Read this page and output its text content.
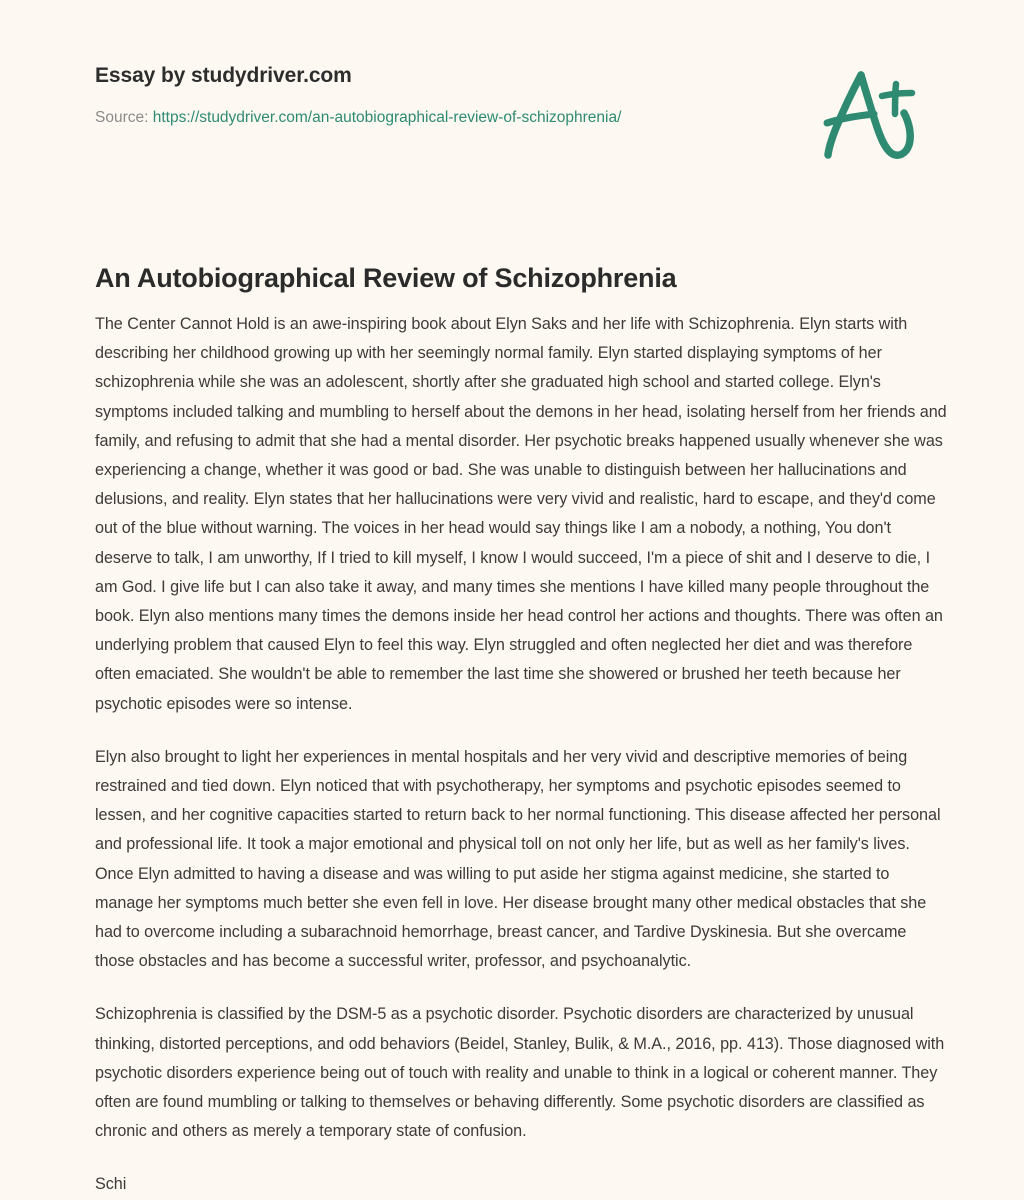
Essay by studydriver.com
Source: https://studydriver.com/an-autobiographical-review-of-schizophrenia/
An Autobiographical Review of Schizophrenia

The Center Cannot Hold is an awe-inspiring book about Elyn Saks and her life with Schizophrenia. Elyn starts with describing her childhood growing up with her seemingly normal family. Elyn started displaying symptoms of her schizophrenia while she was an adolescent, shortly after she graduated high school and started college. Elyn's symptoms included talking and mumbling to herself about the demons in her head, isolating herself from her friends and family, and refusing to admit that she had a mental disorder. Her psychotic breaks happened usually whenever she was experiencing a change, whether it was good or bad. She was unable to distinguish between her hallucinations and delusions, and reality. Elyn states that her hallucinations were very vivid and realistic, hard to escape, and they'd come out of the blue without warning. The voices in her head would say things like I am a nobody, a nothing, You don't deserve to talk, I am unworthy, If I tried to kill myself, I know I would succeed, I'm a piece of shit and I deserve to die, I am God. I give life but I can also take it away, and many times she mentions I have killed many people throughout the book. Elyn also mentions many times the demons inside her head control her actions and thoughts. There was often an underlying problem that caused Elyn to feel this way. Elyn struggled and often neglected her diet and was therefore often emaciated. She wouldn't be able to remember the last time she showered or brushed her teeth because her psychotic episodes were so intense.

Elyn also brought to light her experiences in mental hospitals and her very vivid and descriptive memories of being restrained and tied down. Elyn noticed that with psychotherapy, her symptoms and psychotic episodes seemed to lessen, and her cognitive capacities started to return back to her normal functioning. This disease affected her personal and professional life. It took a major emotional and physical toll on not only her life, but as well as her family's lives. Once Elyn admitted to having a disease and was willing to put aside her stigma against medicine, she started to manage her symptoms much better she even fell in love. Her disease brought many other medical obstacles that she had to overcome including a subarachnoid hemorrhage, breast cancer, and Tardive Dyskinesia. But she overcame those obstacles and has become a successful writer, professor, and psychoanalytic.

Schizophrenia is classified by the DSM-5 as a psychotic disorder. Psychotic disorders are characterized by unusual thinking, distorted perceptions, and odd behaviors (Beidel, Stanley, Bulik, & M.A., 2016, pp. 413). Those diagnosed with psychotic disorders experience being out of touch with reality and unable to think in a logical or coherent manner. They often are found mumbling or talking to themselves or behaving differently. Some psychotic disorders are classified as chronic and others as merely a temporary state of confusion.

Schi
